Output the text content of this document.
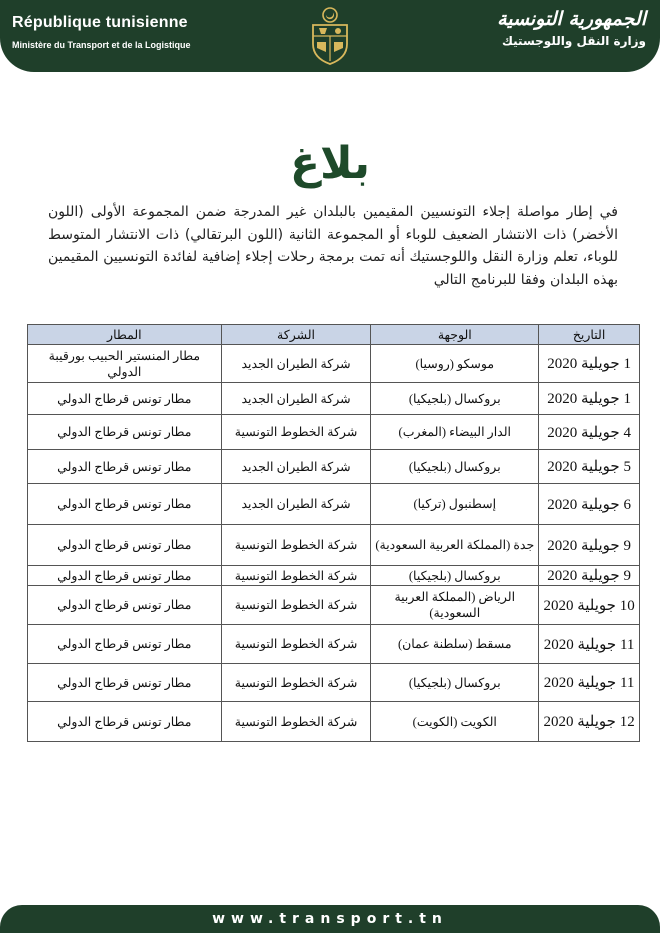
République tunisienne
Ministère du Transport et de la Logistique
الجمهورية التونسية
وزارة النقل واللوجستيك
بلاغ

في إطار مواصلة إجلاء التونسيين المقيمين بالبلدان غير المدرجة ضمن المجموعة الأولى (اللون الأخضر) ذات الانتشار الضعيف للوباء أو المجموعة الثانية (اللون البرتقالي) ذات الانتشار المتوسط للوباء، تعلم وزارة النقل واللوجستيك أنه تمت برمجة رحلات إجلاء إضافية لفائدة التونسيين المقيمين بهذه البلدان وفقا للبرنامج التالي

التاريخ	الوجهة	الشركة	المطار
1 جويلية 2020	موسكو (روسيا)	شركة الطيران الجديد	مطار المنستير الحبيب بورقيبة الدولي
1 جويلية 2020	بروكسال (بلجيكيا)	شركة الطيران الجديد	مطار تونس قرطاج الدولي
4 جويلية 2020	الدار البيضاء (المغرب)	شركة الخطوط التونسية	مطار تونس قرطاج الدولي
5 جويلية 2020	بروكسال (بلجيكيا)	شركة الطيران الجديد	مطار تونس قرطاج الدولي
6 جويلية 2020	إسطنبول (تركيا)	شركة الطيران الجديد	مطار تونس قرطاج الدولي
9 جويلية 2020	جدة (المملكة العربية السعودية)	شركة الخطوط التونسية	مطار تونس قرطاج الدولي
9 جويلية 2020	بروكسال (بلجيكيا)	شركة الخطوط التونسية	مطار تونس قرطاج الدولي
10 جويلية 2020	الرياض (المملكة العربية السعودية)	شركة الخطوط التونسية	مطار تونس قرطاج الدولي
11 جويلية 2020	مسقط (سلطنة عمان)	شركة الخطوط التونسية	مطار تونس قرطاج الدولي
11 جويلية 2020	بروكسال (بلجيكيا)	شركة الخطوط التونسية	مطار تونس قرطاج الدولي
12 جويلية 2020	الكويت (الكويت)	شركة الخطوط التونسية	مطار تونس قرطاج الدولي
www.transport.tn
